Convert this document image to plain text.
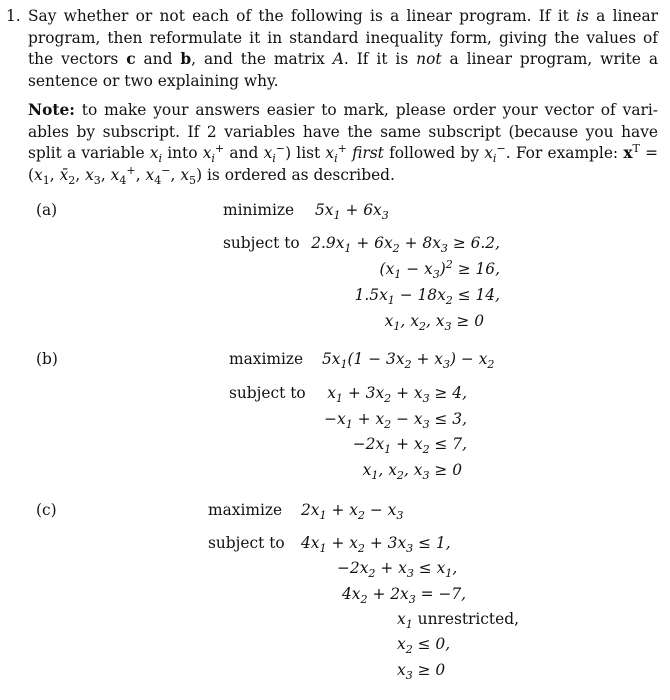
1. Say whether or not each of the following is a linear program. If it is a linear program, then reformulate it in standard inequality form, giving the values of the vectors c and b, and the matrix A. If it is not a linear program, write a sentence or two explaining why.
Note: to make your answers easier to mark, please order your vector of vari- ables by subscript. If 2 variables have the same subscript (because you have split a variable $x_i$ into $x_i^+$ and $x_i^-$) list $x_i^+$ first followed by $x_i^-$. For example: $x^T = (x_1$, $x̄_2$, $x_3$, $x_4^+$, $x_4^-$, $x_5$) is ordered as described.
(a)	minimize $5x_1 + 6x_3$
subject to $2.9x_1 + 6x_2 + 8x_3 \ge 6.2$,
$(x_1 - x_3)^2 \ge 16$,
$1.5x_1 - 18x_2 \le 14$,
$x_1$, $x_2$, $x_3 \ge 0$
(b)	maximize $5x_1(1 - 3x_2 + x_3) - x_2$
subject to $x_1 + 3x_2 + x_3 \ge 4$,
$-x_1 + x_2 - x_3 \le 3$,
$-2x_1 + x_2 \le 7$,
$x_1$, $x_2$, $x_3 \ge 0$
(c)	maximize $2x_1 + x_2 - x_3$
subject to $4x_1 + x_2 + 3x_3 \le 1$,
$-2x_2 + x_3 \le x_1$,
$4x_2 + 2x_3 = -7$,
$x_1$ unrestricted,
$x_2 \le 0$,
$x_3 \ge 0$
